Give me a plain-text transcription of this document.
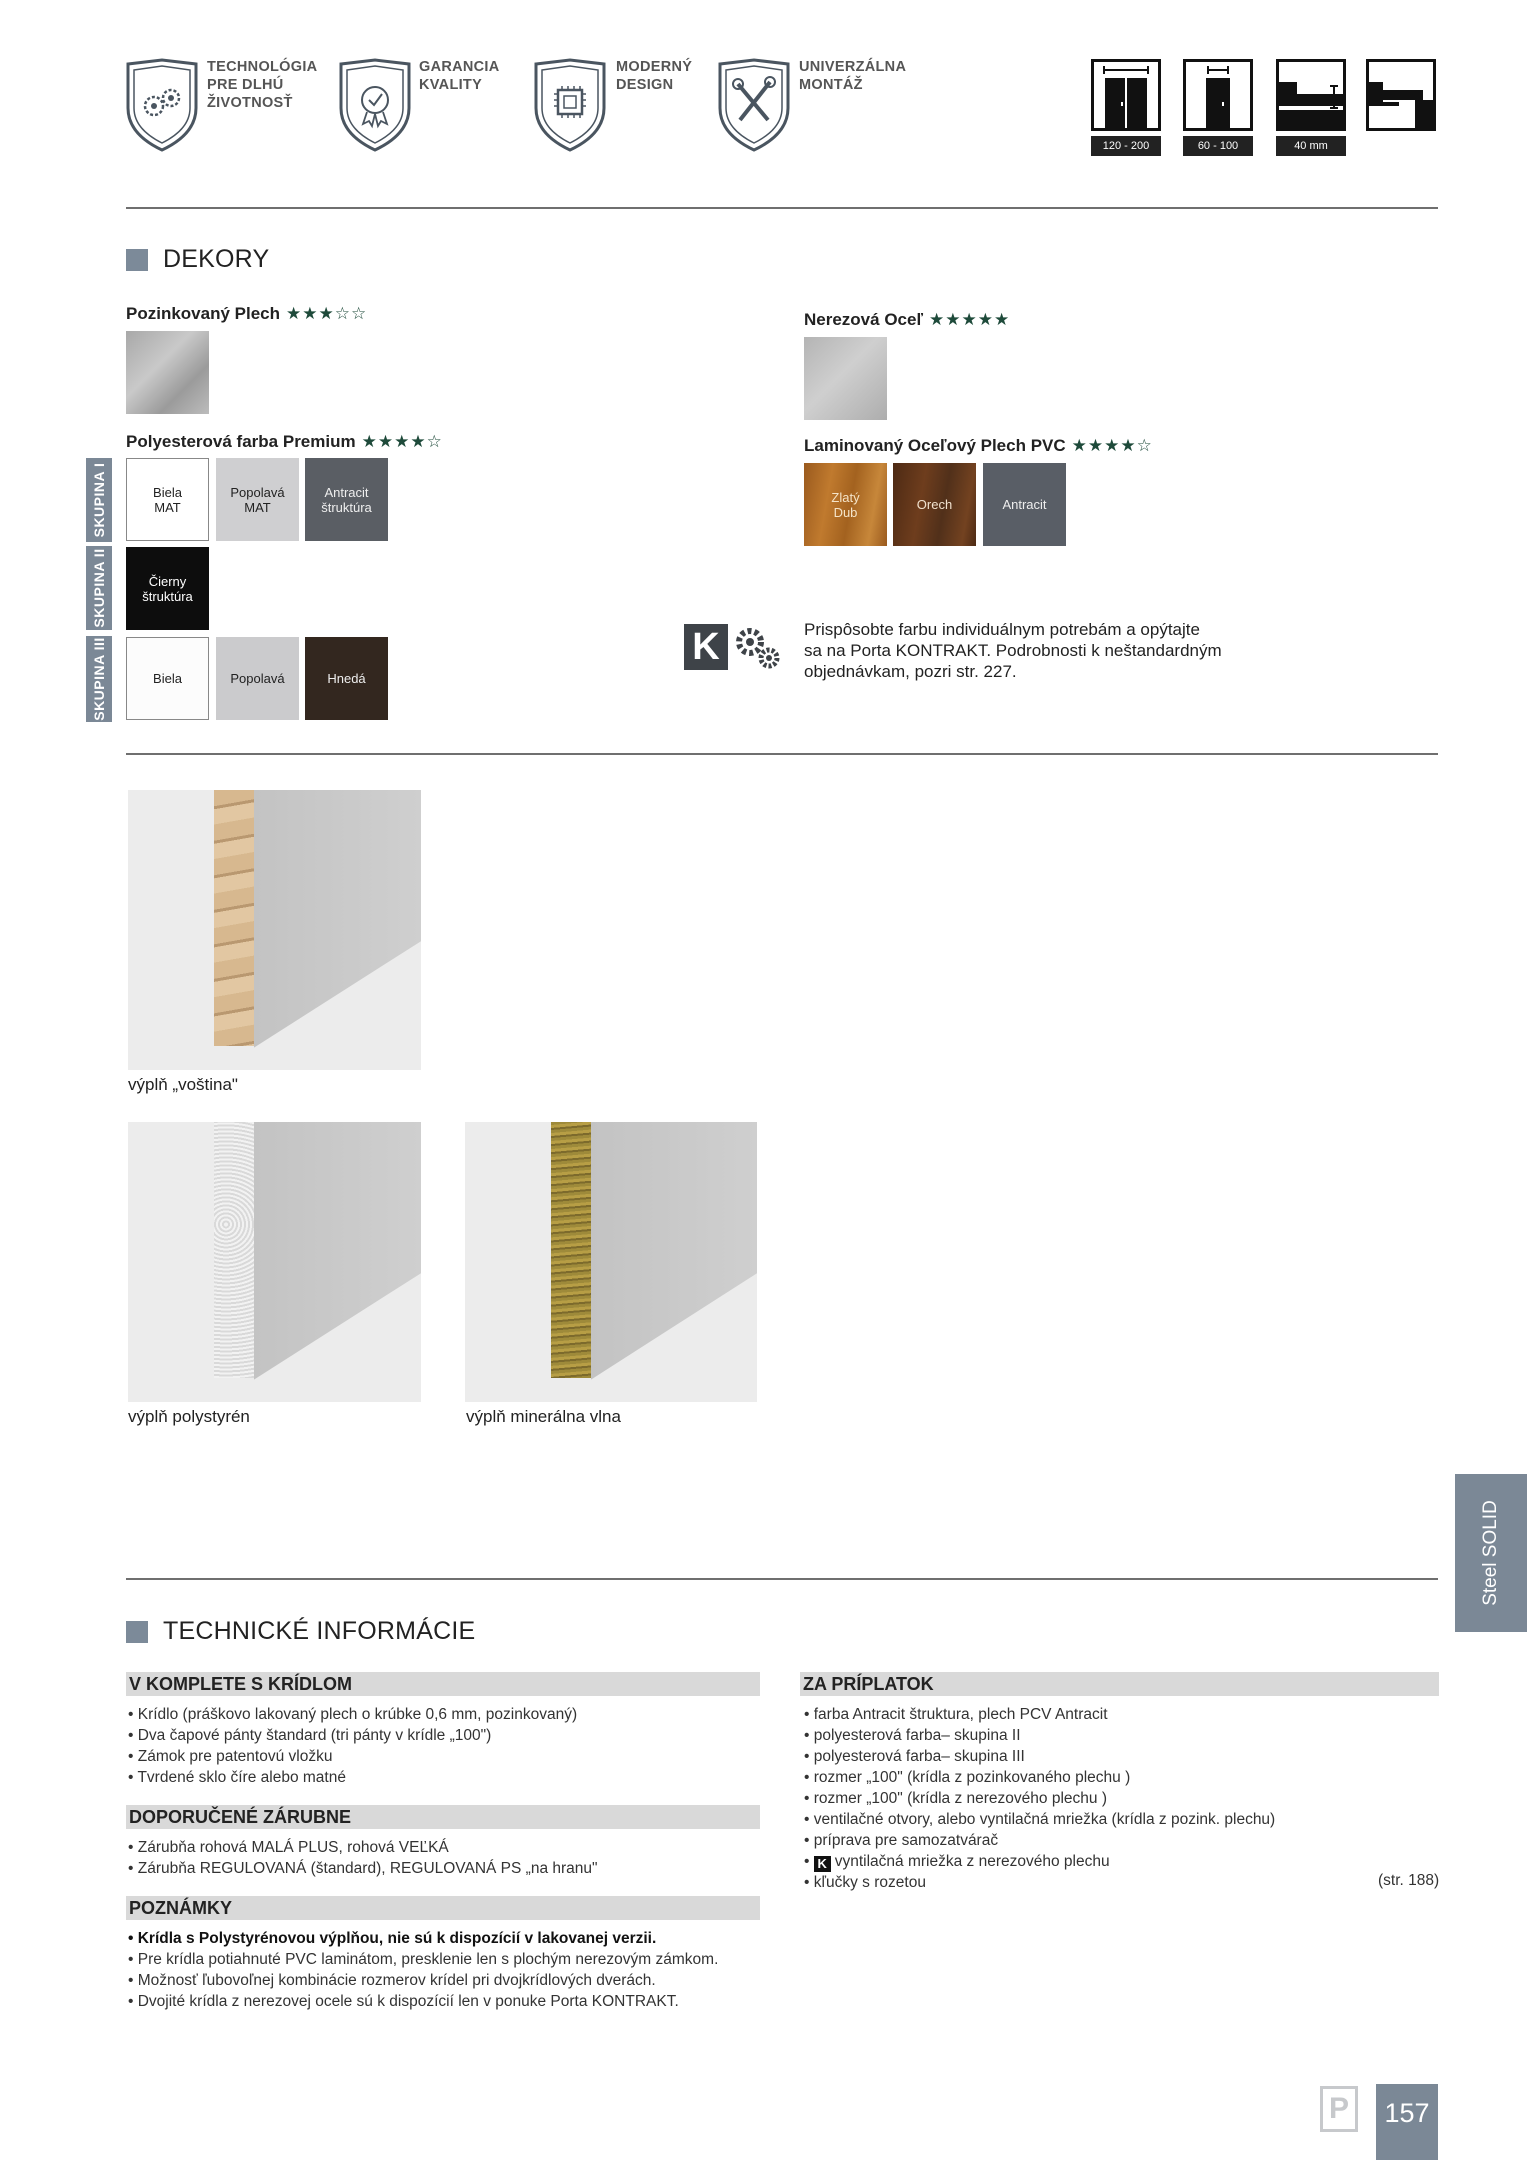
TECHNOLÓGIA
PRE DLHÚ
ŽIVOTNOSŤ
GARANCIA
KVALITY
MODERNÝ
DESIGN
UNIVERZÁLNA
MONTÁŽ
120 - 200	60 - 100	40 mm
DEKORY
Pozinkovaný Plech ★★★☆☆	Nerezová Oceľ ★★★★★
Polyesterová farba Premium ★★★★☆	Laminovaný Oceľový Plech PVC ★★★★☆
SKUPINA I
SKUPINA II
SKUPINA III
Biela
MAT
Popolavá
MAT
Antracit
štruktúra
Čierny
štruktúra
Biela	Popolavá	Hnedá
Zlatý
Dub	Orech	Antracit
K	Prispôsobte farbu individuálnym potrebám a opýtajte
sa na Porta KONTRAKT. Podrobnosti k neštandardným
objednávkam, pozri str. 227.
výplň „voština"
výplň polystyrén	výplň minerálna vlna
Steel SOLID
TECHNICKÉ INFORMÁCIE
V KOMPLETE S KRÍDLOM
• Krídlo (práškovo lakovaný plech o krúbke 0,6 mm, pozinkovaný)
• Dva čapové pánty štandard (tri pánty v krídle „100")
• Zámok pre patentovú vložku
• Tvrdené sklo číre alebo matné
DOPORUČENÉ ZÁRUBNE
• Zárubňa rohová MALÁ PLUS, rohová VEĽKÁ
• Zárubňa REGULOVANÁ (štandard), REGULOVANÁ PS „na hranu"
POZNÁMKY
• Krídla s Polystyrénovou výplňou, nie sú k dispozícií v lakovanej verzii.
• Pre krídla potiahnuté PVC laminátom, presklenie len s plochým nerezovým zámkom.
• Možnosť ľubovoľnej kombinácie rozmerov krídel pri dvojkrídlových dverách.
• Dvojité krídla z nerezovej ocele sú k dispozícií len v ponuke Porta KONTRAKT.
ZA PRÍPLATOK
• farba Antracit štruktura, plech PCV Antracit
• polyesterová farba– skupina II
• polyesterová farba– skupina III
• rozmer „100" (krídla z pozinkovaného plechu )
• rozmer „100" (krídla z nerezového plechu )
• ventilačné otvory, alebo vyntilačná mriežka (krídla z pozink. plechu)
• príprava pre samozatvárač
• K vyntilačná mriežka z nerezového plechu
• kľučky s rozetou	(str. 188)
P	157
